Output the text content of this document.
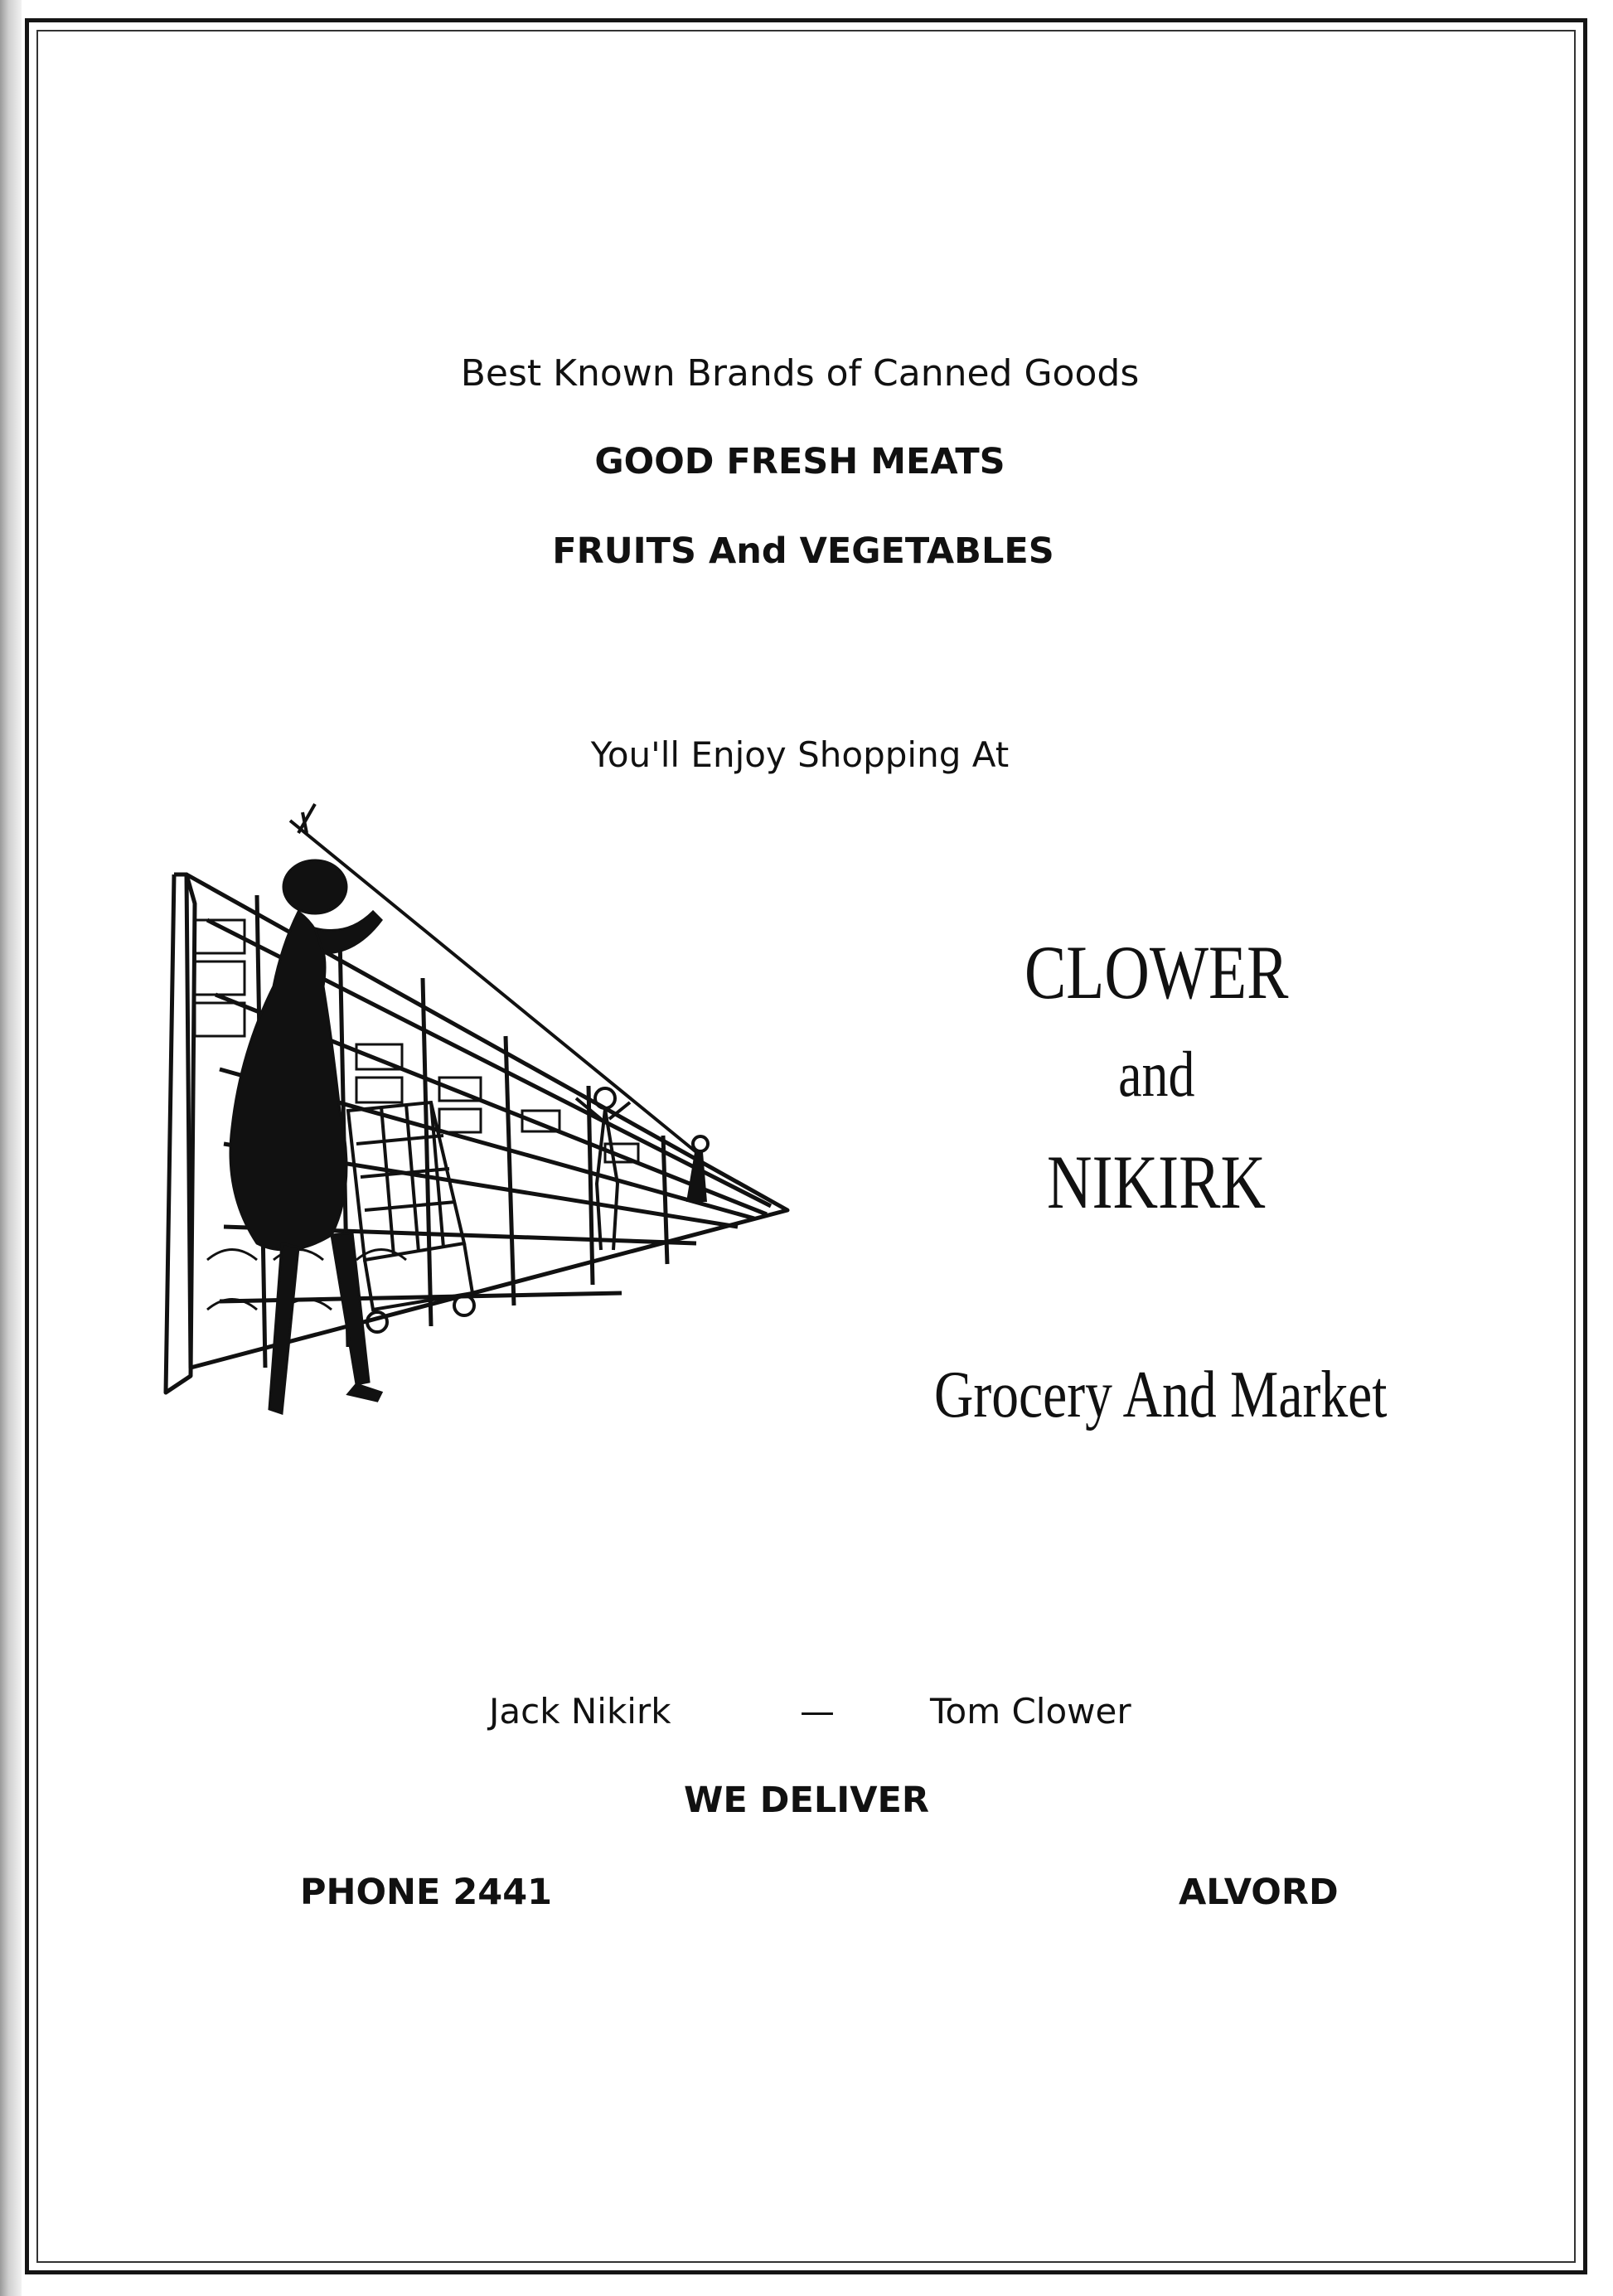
Best Known Brands of Canned Goods
GOOD FRESH MEATS
FRUITS And VEGETABLES
You'll Enjoy Shopping At
CLOWER
and
NIKIRK
Grocery And Market
Jack Nikirk	—	Tom Clower
WE DELIVER
PHONE 2441	ALVORD
